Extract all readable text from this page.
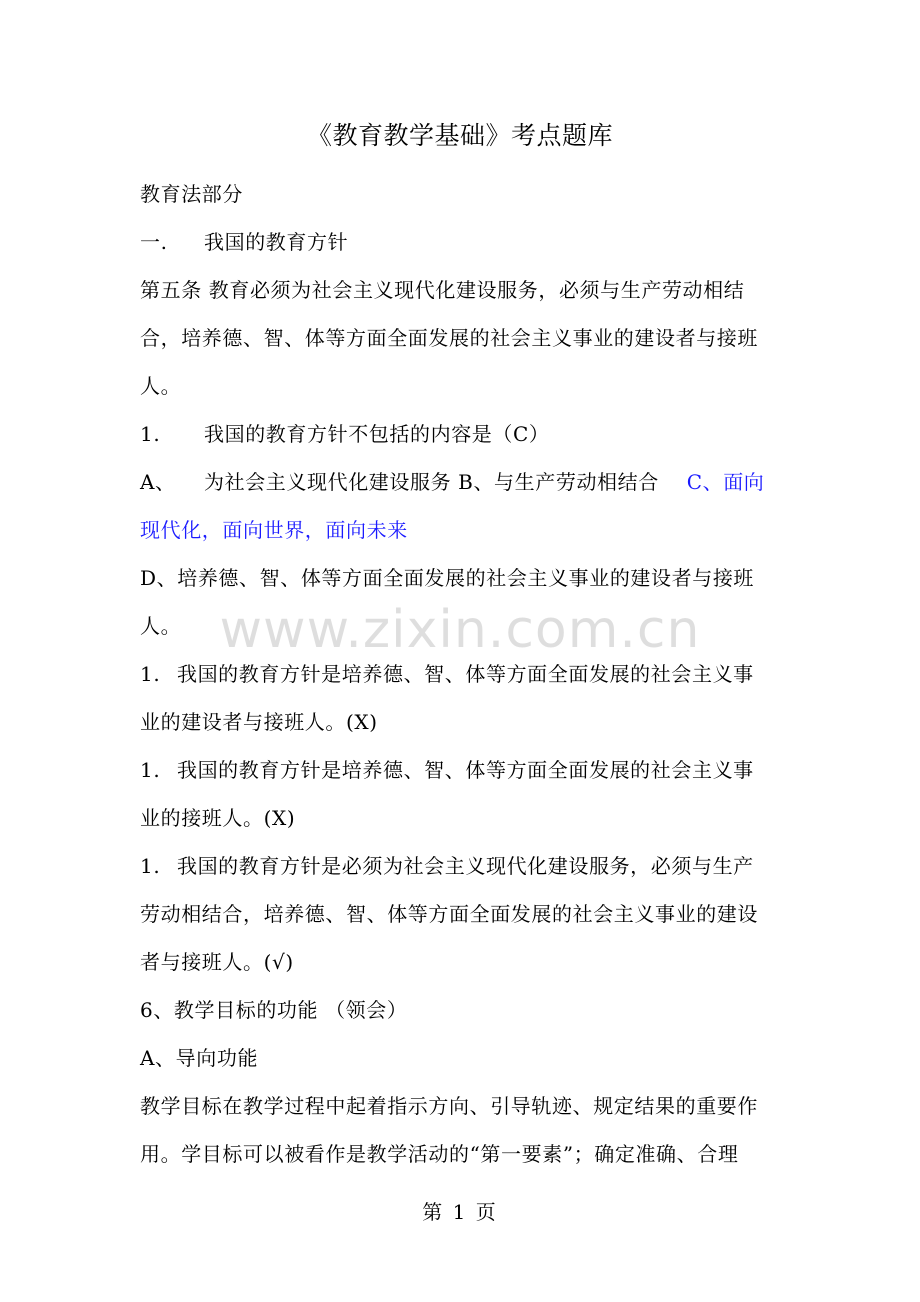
《教育教学基础》考点题库

教育法部分

一. 我国的教育方针

第五条 教育必须为社会主义现代化建设服务，必须与生产劳动相结

合，培养德、智、体等方面全面发展的社会主义事业的建设者与接班

人。

1. 我国的教育方针不包括的内容是（C）

A、 为社会主义现代化建设服务 B、与生产劳动相结合 C、面向

现代化，面向世界，面向未来

D、培养德、智、体等方面全面发展的社会主义事业的建设者与接班

人。

1. 我国的教育方针是培养德、智、体等方面全面发展的社会主义事

业的建设者与接班人。(X)

1. 我国的教育方针是培养德、智、体等方面全面发展的社会主义事

业的接班人。(X)

1. 我国的教育方针是必须为社会主义现代化建设服务，必须与生产

劳动相结合，培养德、智、体等方面全面发展的社会主义事业的建设

者与接班人。(√)

6、教学目标的功能 （领会）

A、导向功能

教学目标在教学过程中起着指示方向、引导轨迹、规定结果的重要作

用。学目标可以被看作是教学活动的“第一要素”；确定准确、合理

www.zixin.com.cn
第 1 页
